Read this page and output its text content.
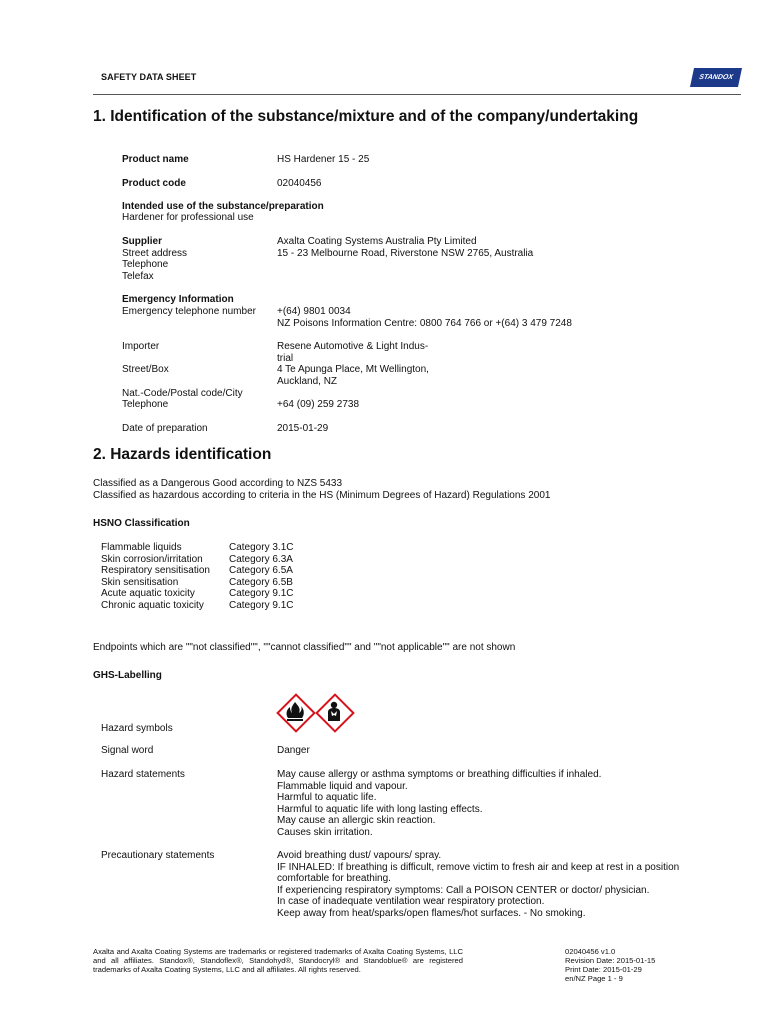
SAFETY DATA SHEET	STANDOX
1. Identification of the substance/mixture and of the company/undertaking
Product name	HS Hardener 15 - 25
Product code	02040456
Intended use of the substance/preparation
Hardener for professional use
Supplier	Axalta Coating Systems Australia Pty Limited
Street address	15 - 23 Melbourne Road, Riverstone NSW 2765, Australia
Telephone
Telefax
Emergency Information
Emergency telephone number +(64) 9801 0034
NZ Poisons Information Centre: 0800 764 766 or +(64) 3 479 7248
Importer	Resene Automotive & Light Indus-
trial
Street/Box	4 Te Apunga Place, Mt Wellington,
Auckland, NZ
Nat.-Code/Postal code/City
Telephone	+64 (09) 259 2738
Date of preparation	2015-01-29
2. Hazards identification
Classified as a Dangerous Good according to NZS 5433
Classified as hazardous according to criteria in the HS (Minimum Degrees of Hazard) Regulations 2001
HSNO Classification
Flammable liquids	Category 3.1C
Skin corrosion/irritation	Category 6.3A
Respiratory sensitisation	Category 6.5A
Skin sensitisation	Category 6.5B
Acute aquatic toxicity	Category 9.1C
Chronic aquatic toxicity	Category 9.1C
Endpoints which are ""not classified"", ""cannot classified"" and ""not applicable"" are not shown
GHS-Labelling

Hazard symbols
Signal word	Danger
Hazard statements	May cause allergy or asthma symptoms or breathing difficulties if inhaled.
Flammable liquid and vapour.
Harmful to aquatic life.
Harmful to aquatic life with long lasting effects.
May cause an allergic skin reaction.
Causes skin irritation.
Precautionary statements	Avoid breathing dust/ vapours/ spray.
IF INHALED: If breathing is difficult, remove victim to fresh air and keep at rest in a position
comfortable for breathing.
If experiencing respiratory symptoms: Call a POISON CENTER or doctor/ physician.
In case of inadequate ventilation wear respiratory protection.
Keep away from heat/sparks/open flames/hot surfaces. - No smoking.
Axalta and Axalta Coating Systems are trademarks or registered trademarks of Axalta Coating Systems, LLC and all affiliates. Standox®, Standoflex®, Standohyd®, Standocryl® and Standoblue® are registered trademarks of Axalta Coating Systems, LLC and all affiliates. All rights reserved.
02040456 v1.0
Revision Date: 2015-01-15
Print Date: 2015-01-29
en/NZ Page 1 - 9
